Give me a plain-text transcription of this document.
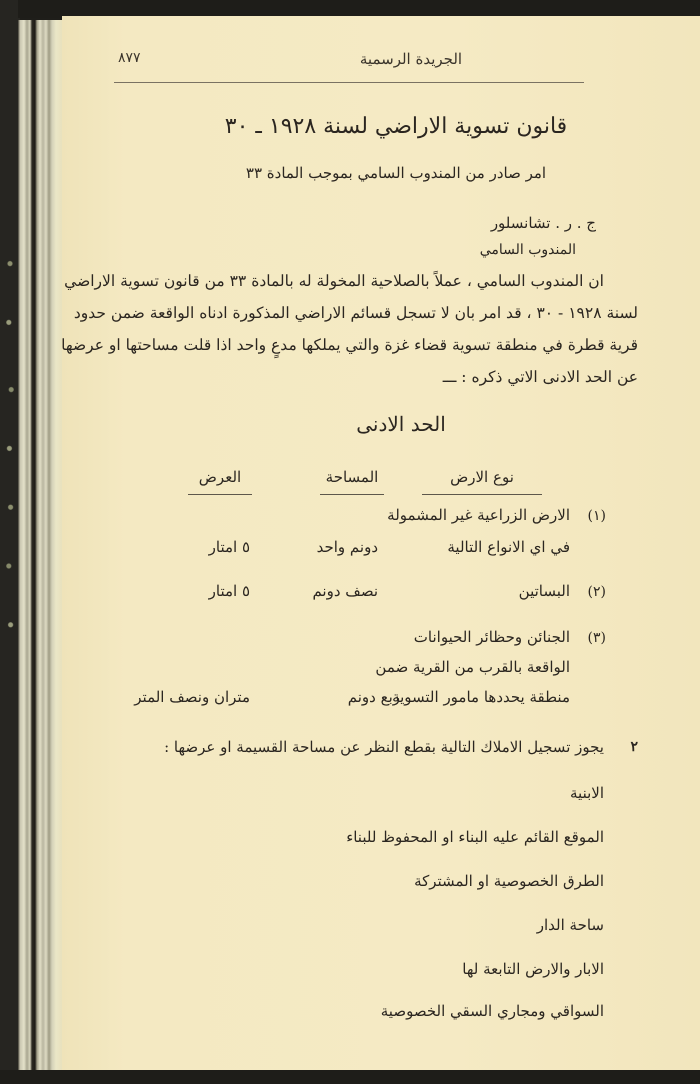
الجريدة الرسمية
٨٧٧
قانون تسوية الاراضي لسنة ١٩٢٨ ـ ٣٠
امر صادر من المندوب السامي بموجب المادة ٣٣
ج . ر . تشانسلور
المندوب السامي
ان المندوب السامي ، عملاً بالصلاحية المخولة له بالمادة ٣٣ من قانون تسوية الاراضي
لسنة ١٩٢٨ - ٣٠ ، قد امر بان لا تسجل قسائم الاراضي المذكورة ادناه الواقعة ضمن حدود
قرية قطرة في منطقة تسوية قضاء غزة والتي يملكها مدعٍ واحد اذا قلت مساحتها او عرضها
عن الحد الادنى الاتي ذكره : ـــ
الحد الادنى
نوع الارض
المساحة
العرض
(١)
الارض الزراعية غير المشمولة
في اي الانواع التالية
دونم واحد
٥ امتار
(٢)
البساتين
نصف دونم
٥ امتار
(٣)
الجنائن وحظائر الحيوانات
الواقعة بالقرب من القرية ضمن
منطقة يحددها مامور التسوية
ربع دونم
متران ونصف المتر
٢
يجوز تسجيل الاملاك التالية بقطع النظر عن مساحة القسيمة او عرضها :
الابنية
الموقع القائم عليه البناء او المحفوظ للبناء
الطرق الخصوصية او المشتركة
ساحة الدار
الابار والارض التابعة لها
السواقي ومجاري السقي الخصوصية
